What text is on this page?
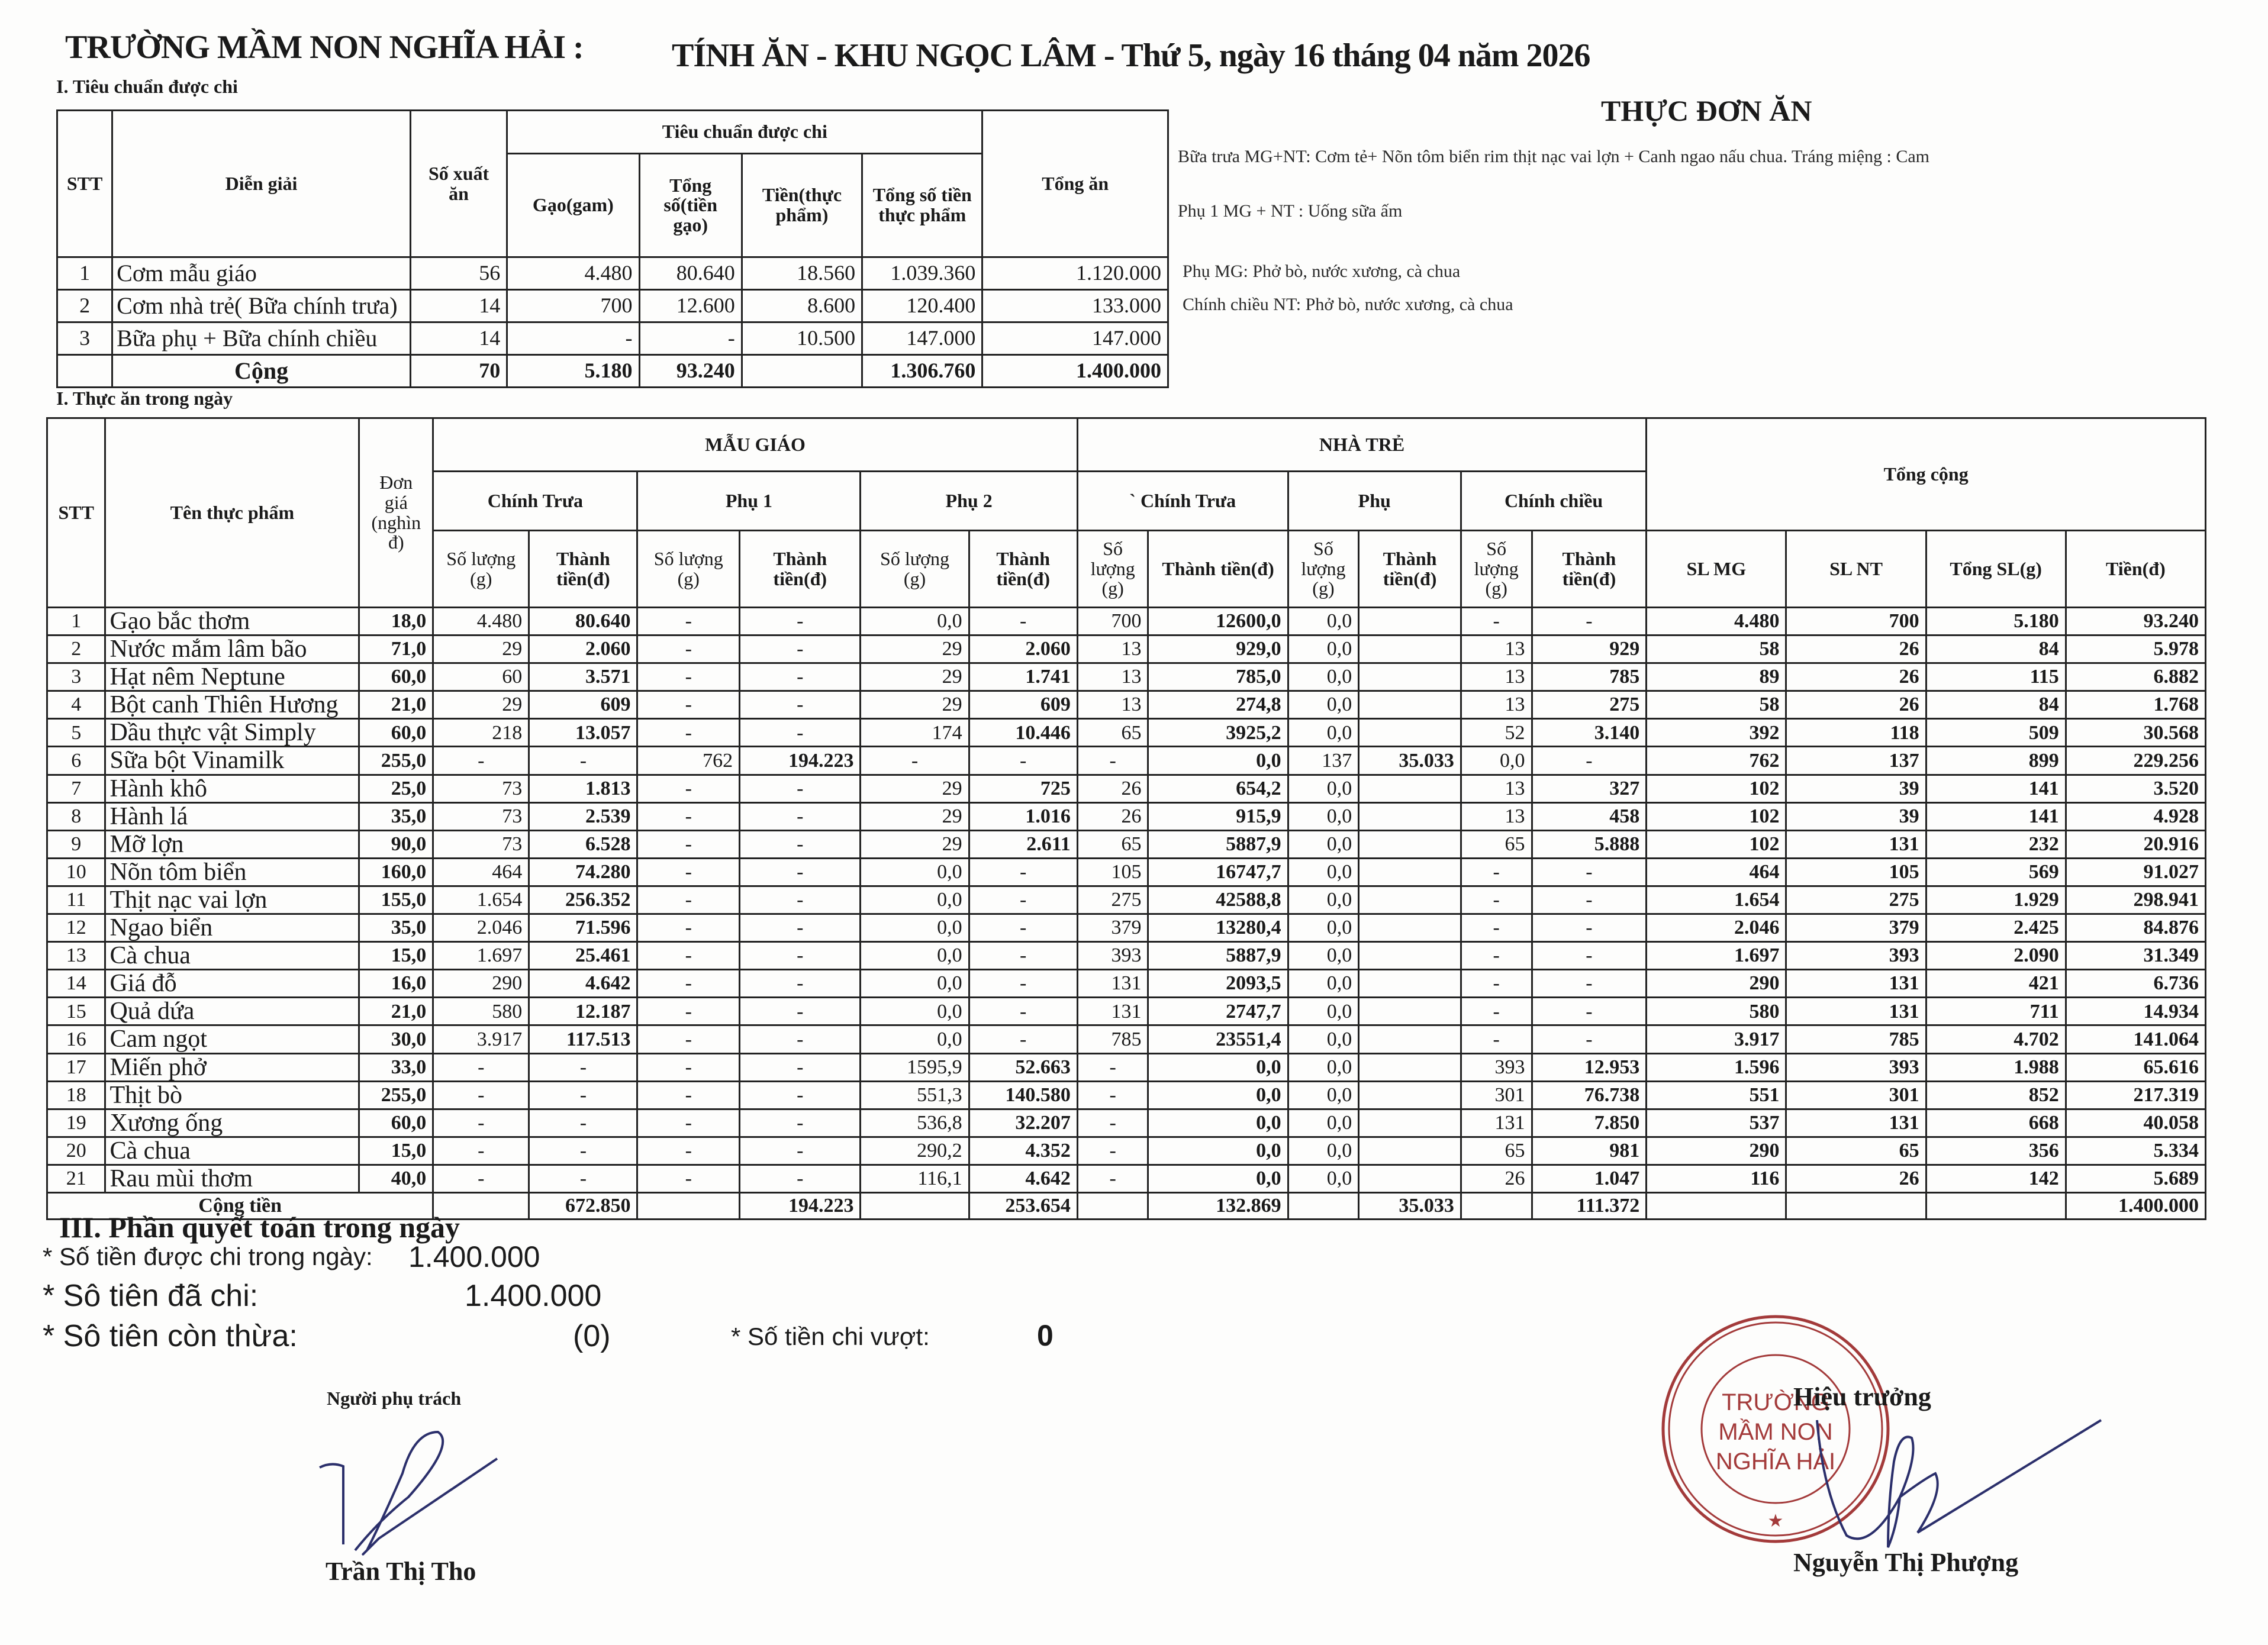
TRƯỜNG MẦM NON NGHĨA HẢI :	TÍNH ĂN - KHU NGỌC LÂM - Thứ 5, ngày 16 tháng 04 năm 2026
I. Tiêu chuẩn được chi
STT	Diễn giải	Số xuất ăn	Tiêu chuẩn được chi				Tổng ăn
			Gạo(gam)	Tổng số(tiền gạo)	Tiền(thực phẩm)	Tổng số tiền thực phẩm	
1	Cơm mẫu giáo	56	4.480	80.640	18.560	1.039.360	1.120.000
2	Cơm nhà trẻ( Bữa chính trưa)	14	700	12.600	8.600	120.400	133.000
3	Bữa phụ + Bữa chính chiều	14	-	-	10.500	147.000	147.000
	Cộng	70	5.180	93.240		1.306.760	1.400.000
THỰC ĐƠN ĂN
Bữa trưa MG+NT: Cơm tẻ+ Nõn tôm biển rim thịt nạc vai lợn + Canh ngao nấu chua. Tráng miệng : Cam
Phụ 1 MG + NT : Uống sữa ấm
Phụ MG: Phở bò, nước xương, cà chua
Chính chiều NT: Phở bò, nước xương, cà chua
I. Thực ăn trong ngày
STT	Tên thực phẩm	Đơn giá (nghìn đ)	MẪU GIÁO						NHÀ TRẺ						Tổng cộng			
			Chính Trưa		Phụ 1		Phụ 2		` Chính Trưa		Phụ		Chính chiều					
			Số lượng (g)	Thành tiền(đ)	Số lượng (g)	Thành tiền(đ)	Số lượng (g)	Thành tiền(đ)	Số lượng (g)	Thành tiền(đ)	Số lượng (g)	Thành tiền(đ)	Số lượng (g)	Thành tiền(đ)	SL MG	SL NT	Tổng SL(g)	Tiền(đ)
1	Gạo bắc thơm	18,0	4.480	80.640	-	-	0,0	-	700	12600,0	0,0		-	-	4.480	700	5.180	93.240
2	Nước mắm lâm bão	71,0	29	2.060	-	-	29	2.060	13	929,0	0,0		13	929	58	26	84	5.978
3	Hạt nêm Neptune	60,0	60	3.571	-	-	29	1.741	13	785,0	0,0		13	785	89	26	115	6.882
4	Bột canh Thiên Hương	21,0	29	609	-	-	29	609	13	274,8	0,0		13	275	58	26	84	1.768
5	Dầu thực vật Simply	60,0	218	13.057	-	-	174	10.446	65	3925,2	0,0		52	3.140	392	118	509	30.568
6	Sữa bột Vinamilk	255,0	-	-	762	194.223	-	-	-	0,0	137	35.033	0,0	-	762	137	899	229.256
7	Hành khô	25,0	73	1.813	-	-	29	725	26	654,2	0,0		13	327	102	39	141	3.520
8	Hành lá	35,0	73	2.539	-	-	29	1.016	26	915,9	0,0		13	458	102	39	141	4.928
9	Mỡ lợn	90,0	73	6.528	-	-	29	2.611	65	5887,9	0,0		65	5.888	102	131	232	20.916
10	Nõn tôm biển	160,0	464	74.280	-	-	0,0	-	105	16747,7	0,0		-	-	464	105	569	91.027
11	Thịt nạc vai lợn	155,0	1.654	256.352	-	-	0,0	-	275	42588,8	0,0		-	-	1.654	275	1.929	298.941
12	Ngao biển	35,0	2.046	71.596	-	-	0,0	-	379	13280,4	0,0		-	-	2.046	379	2.425	84.876
13	Cà chua	15,0	1.697	25.461	-	-	0,0	-	393	5887,9	0,0		-	-	1.697	393	2.090	31.349
14	Giá đỗ	16,0	290	4.642	-	-	0,0	-	131	2093,5	0,0		-	-	290	131	421	6.736
15	Quả dứa	21,0	580	12.187	-	-	0,0	-	131	2747,7	0,0		-	-	580	131	711	14.934
16	Cam ngọt	30,0	3.917	117.513	-	-	0,0	-	785	23551,4	0,0		-	-	3.917	785	4.702	141.064
17	Miến phở	33,0	-	-	-	-	1595,9	52.663	-	0,0	0,0		393	12.953	1.596	393	1.988	65.616
18	Thịt bò	255,0	-	-	-	-	551,3	140.580	-	0,0	0,0		301	76.738	551	301	852	217.319
19	Xương ống	60,0	-	-	-	-	536,8	32.207	-	0,0	0,0		131	7.850	537	131	668	40.058
20	Cà chua	15,0	-	-	-	-	290,2	4.352	-	0,0	0,0		65	981	290	65	356	5.334
21	Rau mùi thơm	40,0	-	-	-	-	116,1	4.642	-	0,0	0,0		26	1.047	116	26	142	5.689
Cộng tiền				672.850		194.223		253.654		132.869		35.033		111.372				1.400.000
III. Phần quyết toán trong ngày
* Số tiền được chi trong ngày: 1.400.000
* Sô tiên đã chi:	1.400.000
* Sô tiên còn thừa:	(0)	* Số tiền chi vượt:	0
Người phụ trách
Trần Thị Tho
TRƯỜNG
MẦM NON
NGHĨA HẢI
★
Hiệu trưởng
Nguyễn Thị Phượng
